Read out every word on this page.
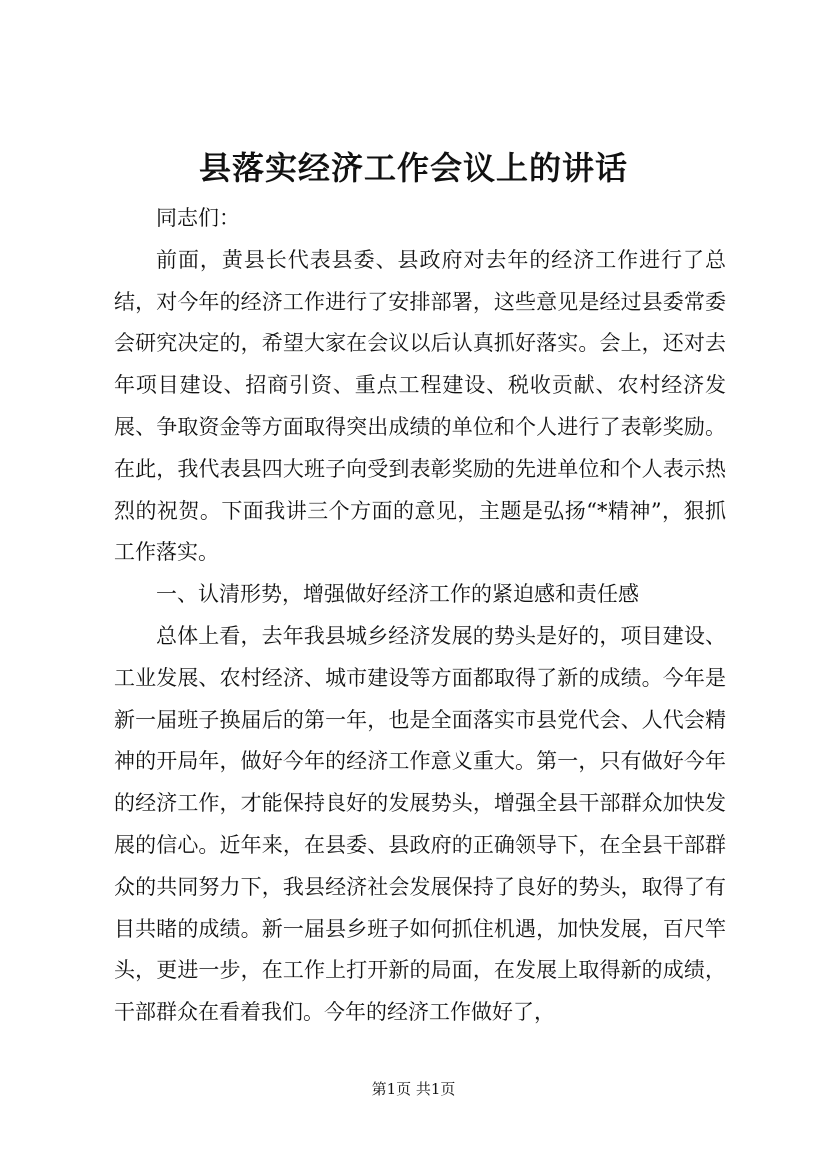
县落实经济工作会议上的讲话

同志们：

前面，黄县长代表县委、县政府对去年的经济工作进行了总结，对今年的经济工作进行了安排部署，这些意见是经过县委常委会研究决定的，希望大家在会议以后认真抓好落实。会上，还对去年项目建设、招商引资、重点工程建设、税收贡献、农村经济发展、争取资金等方面取得突出成绩的单位和个人进行了表彰奖励。在此，我代表县四大班子向受到表彰奖励的先进单位和个人表示热烈的祝贺。下面我讲三个方面的意见，主题是弘扬“*精神”，狠抓工作落实。

一、认清形势，增强做好经济工作的紧迫感和责任感

总体上看，去年我县城乡经济发展的势头是好的，项目建设、工业发展、农村经济、城市建设等方面都取得了新的成绩。今年是新一届班子换届后的第一年，也是全面落实市县党代会、人代会精神的开局年，做好今年的经济工作意义重大。第一，只有做好今年的经济工作，才能保持良好的发展势头，增强全县干部群众加快发展的信心。近年来，在县委、县政府的正确领导下，在全县干部群众的共同努力下，我县经济社会发展保持了良好的势头，取得了有目共睹的成绩。新一届县乡班子如何抓住机遇，加快发展，百尺竿头，更进一步，在工作上打开新的局面，在发展上取得新的成绩，干部群众在看着我们。今年的经济工作做好了，

第1页 共1页
